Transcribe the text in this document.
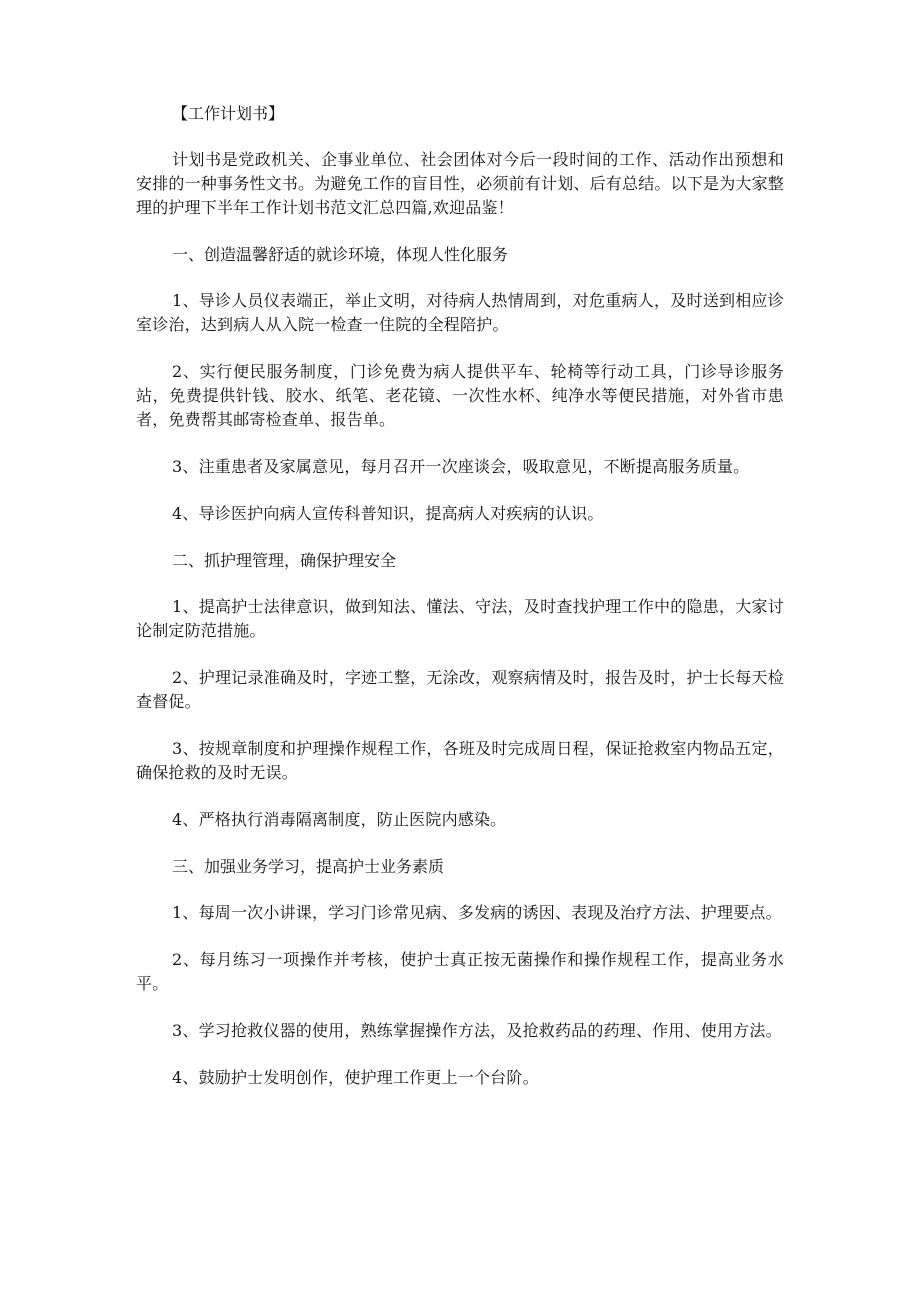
【工作计划书】

计划书是党政机关、企事业单位、社会团体对今后一段时间的工作、活动作出预想和安排的一种事务性文书。为避免工作的盲目性，必须前有计划、后有总结。以下是为大家整理的护理下半年工作计划书范文汇总四篇,欢迎品鉴！

一、创造温馨舒适的就诊环境，体现人性化服务

1、导诊人员仪表端正，举止文明，对待病人热情周到，对危重病人，及时送到相应诊室诊治，达到病人从入院一检查一住院的全程陪护。

2、实行便民服务制度，门诊免费为病人提供平车、轮椅等行动工具，门诊导诊服务站，免费提供针钱、胶水、纸笔、老花镜、一次性水杯、纯净水等便民措施，对外省市患者，免费帮其邮寄检查单、报告单。

3、注重患者及家属意见，每月召开一次座谈会，吸取意见，不断提高服务质量。

4、导诊医护向病人宣传科普知识，提高病人对疾病的认识。

二、抓护理管理，确保护理安全

1、提高护士法律意识，做到知法、懂法、守法，及时查找护理工作中的隐患，大家讨论制定防范措施。

2、护理记录准确及时，字迹工整，无涂改，观察病情及时，报告及时，护士长每天检查督促。

3、按规章制度和护理操作规程工作，各班及时完成周日程，保证抢救室内物品五定，确保抢救的及时无误。

4、严格执行消毒隔离制度，防止医院内感染。

三、加强业务学习，提高护士业务素质

1、每周一次小讲课，学习门诊常见病、多发病的诱因、表现及治疗方法、护理要点。

2、每月练习一项操作并考核，使护士真正按无菌操作和操作规程工作，提高业务水平。

3、学习抢救仪器的使用，熟练掌握操作方法，及抢救药品的药理、作用、使用方法。

4、鼓励护士发明创作，使护理工作更上一个台阶。
